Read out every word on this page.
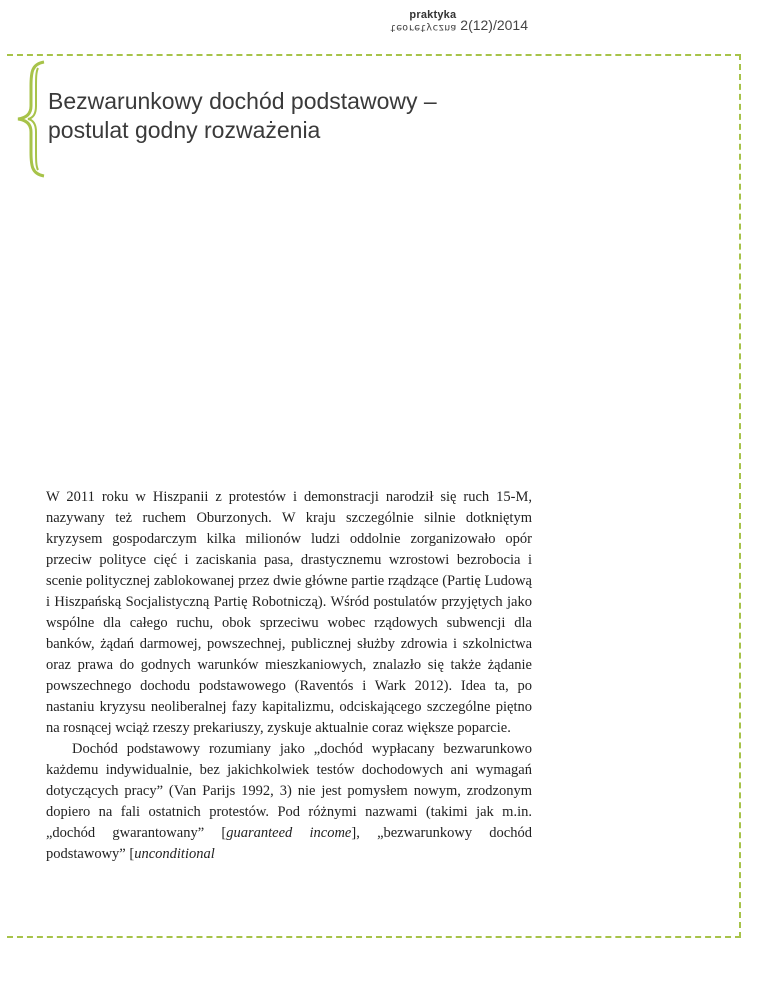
praktyka
teoretyczna 2(12)/2014
Bezwarunkowy dochód podstawowy –
postulat godny rozważenia

W 2011 roku w Hiszpanii z protestów i demonstracji narodził się ruch 15-M, nazywany też ruchem Oburzonych. W kraju szczególnie silnie dotkniętym kryzysem gospodarczym kilka milionów ludzi oddolnie zorganizowało opór przeciw polityce cięć i zaciskania pasa, drastycznemu wzrostowi bezrobocia i scenie politycznej zablokowanej przez dwie główne partie rządzące (Partię Ludową i Hiszpańską Socjalistyczną Partię Robotniczą). Wśród postulatów przyjętych jako wspólne dla całego ruchu, obok sprzeciwu wobec rządowych subwencji dla banków, żądań darmowej, powszechnej, publicznej służby zdrowia i szkolnictwa oraz prawa do godnych warunków mieszkaniowych, znalazło się także żądanie powszechnego dochodu podstawowego (Raventós i Wark 2012). Idea ta, po nastaniu kryzysu neoliberalnej fazy kapitalizmu, odciskającego szczególne piętno na rosnącej wciąż rzeszy prekariuszy, zyskuje aktualnie coraz większe poparcie.

Dochód podstawowy rozumiany jako „dochód wypłacany bezwarunkowo każdemu indywidualnie, bez jakichkolwiek testów dochodowych ani wymagań dotyczących pracy” (Van Parijs 1992, 3) nie jest pomysłem nowym, zrodzonym dopiero na fali ostatnich protestów. Pod różnymi nazwami (takimi jak m.in. „dochód gwarantowany” [guaranteed income], „bezwarunkowy dochód podstawowy” [unconditional
